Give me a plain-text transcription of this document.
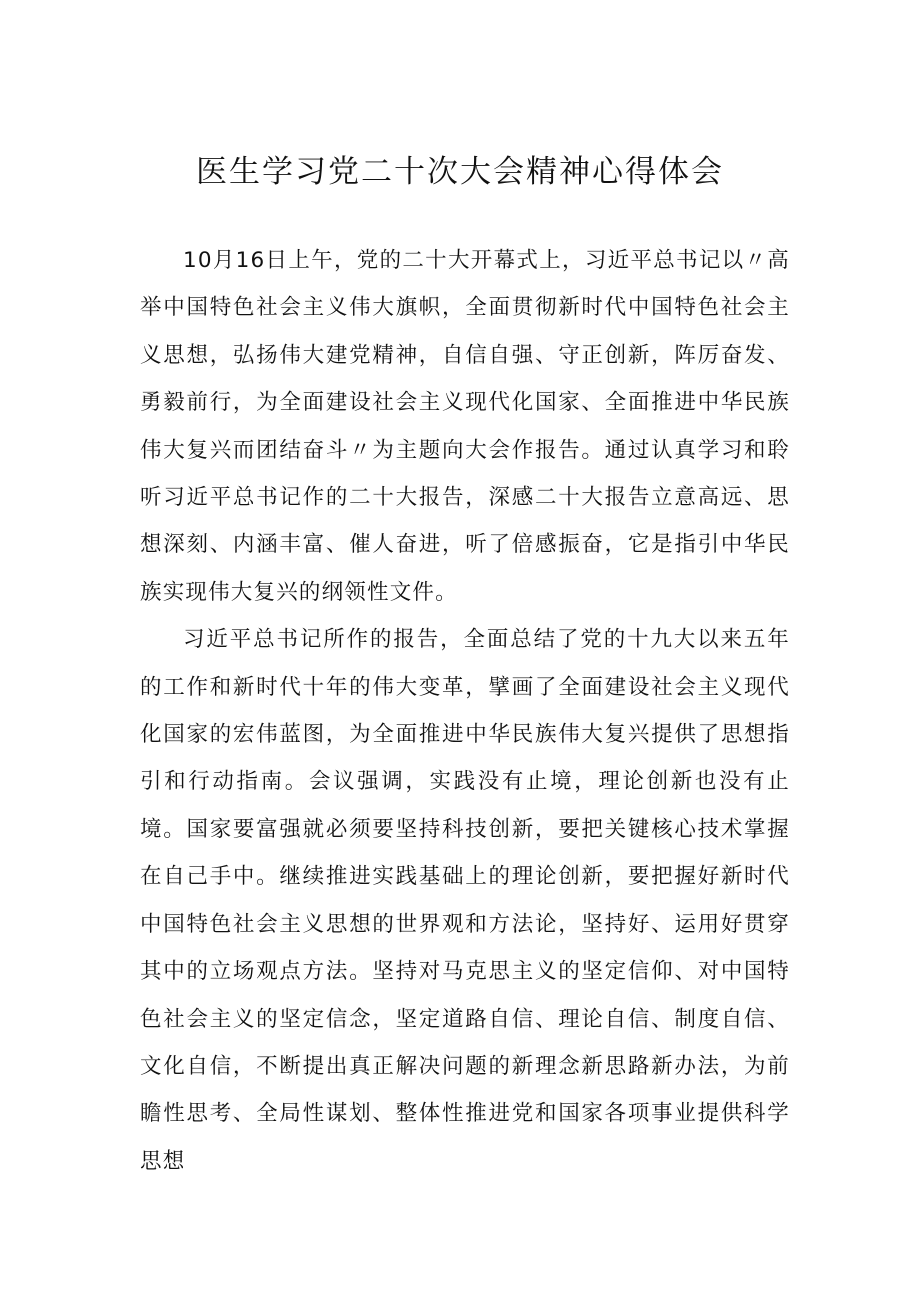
医生学习党二十次大会精神心得体会

10月16日上午，党的二十大开幕式上，习近平总书记以〃高举中国特色社会主义伟大旗帜，全面贯彻新时代中国特色社会主义思想，弘扬伟大建党精神，自信自强、守正创新，阵厉奋发、勇毅前行，为全面建设社会主义现代化国家、全面推进中华民族伟大复兴而团结奋斗〃为主题向大会作报告。通过认真学习和聆听习近平总书记作的二十大报告，深感二十大报告立意高远、思想深刻、内涵丰富、催人奋进，听了倍感振奋，它是指引中华民族实现伟大复兴的纲领性文件。

习近平总书记所作的报告，全面总结了党的十九大以来五年的工作和新时代十年的伟大变革，擘画了全面建设社会主义现代化国家的宏伟蓝图，为全面推进中华民族伟大复兴提供了思想指引和行动指南。会议强调，实践没有止境，理论创新也没有止境。国家要富强就必须要坚持科技创新，要把关键核心技术掌握在自己手中。继续推进实践基础上的理论创新，要把握好新时代中国特色社会主义思想的世界观和方法论，坚持好、运用好贯穿其中的立场观点方法。坚持对马克思主义的坚定信仰、对中国特色社会主义的坚定信念，坚定道路自信、理论自信、制度自信、文化自信，不断提出真正解决问题的新理念新思路新办法，为前瞻性思考、全局性谋划、整体性推进党和国家各项事业提供科学思想
